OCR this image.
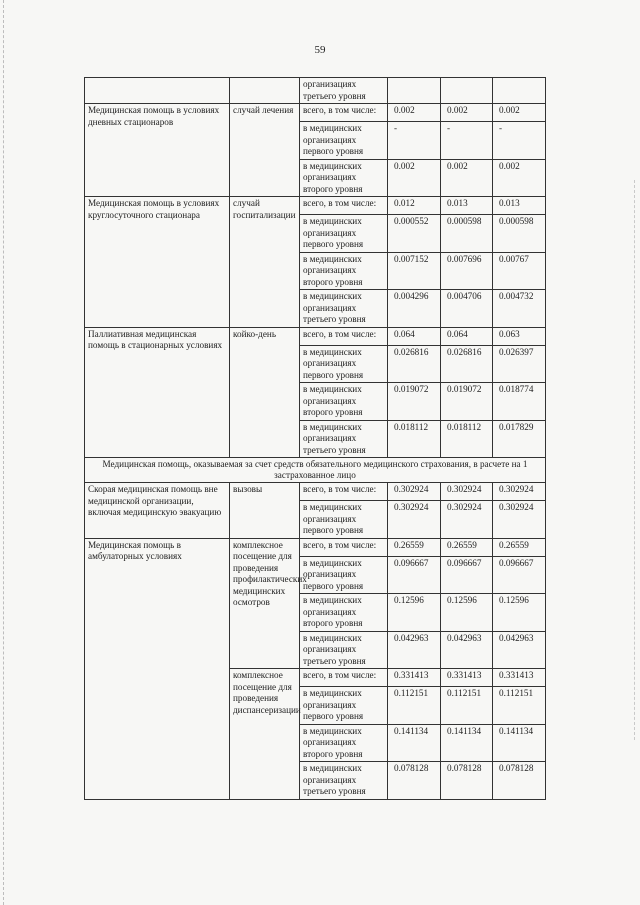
59
		организациях третьего уровня			
Медицинская помощь в условиях дневных стационаров	случай лечения	всего, в том числе:	0.002	0.002	0.002
		в медицинских организациях первого уровня	-	-	-
		в медицинских организациях второго уровня	0.002	0.002	0.002
Медицинская помощь в условиях круглосуточного стационара	случай госпитализации	всего, в том числе:	0.012	0.013	0.013
		в медицинских организациях первого уровня	0.000552	0.000598	0.000598
		в медицинских организациях второго уровня	0.007152	0.007696	0.00767
		в медицинских организациях третьего уровня	0.004296	0.004706	0.004732
Паллиативная медицинская помощь в стационарных условиях	койко-день	всего, в том числе:	0.064	0.064	0.063
		в медицинских организациях первого уровня	0.026816	0.026816	0.026397
		в медицинских организациях второго уровня	0.019072	0.019072	0.018774
		в медицинских организациях третьего уровня	0.018112	0.018112	0.017829
Медицинская помощь, оказываемая за счет средств обязательного медицинского страхования, в расчете на 1 застрахованное лицо					
Скорая медицинская помощь вне медицинской организации, включая медицинскую эвакуацию	вызовы	всего, в том числе:	0.302924	0.302924	0.302924
		в медицинских организациях первого уровня	0.302924	0.302924	0.302924
Медицинская помощь в амбулаторных условиях	комплексное посещение для проведения профилактических медицинских осмотров	всего, в том числе:	0.26559	0.26559	0.26559
		в медицинских организациях первого уровня	0.096667	0.096667	0.096667
		в медицинских организациях второго уровня	0.12596	0.12596	0.12596
		в медицинских организациях третьего уровня	0.042963	0.042963	0.042963
	комплексное посещение для проведения диспансеризации	всего, в том числе:	0.331413	0.331413	0.331413
		в медицинских организациях первого уровня	0.112151	0.112151	0.112151
		в медицинских организациях второго уровня	0.141134	0.141134	0.141134
		в медицинских организациях третьего уровня	0.078128	0.078128	0.078128
